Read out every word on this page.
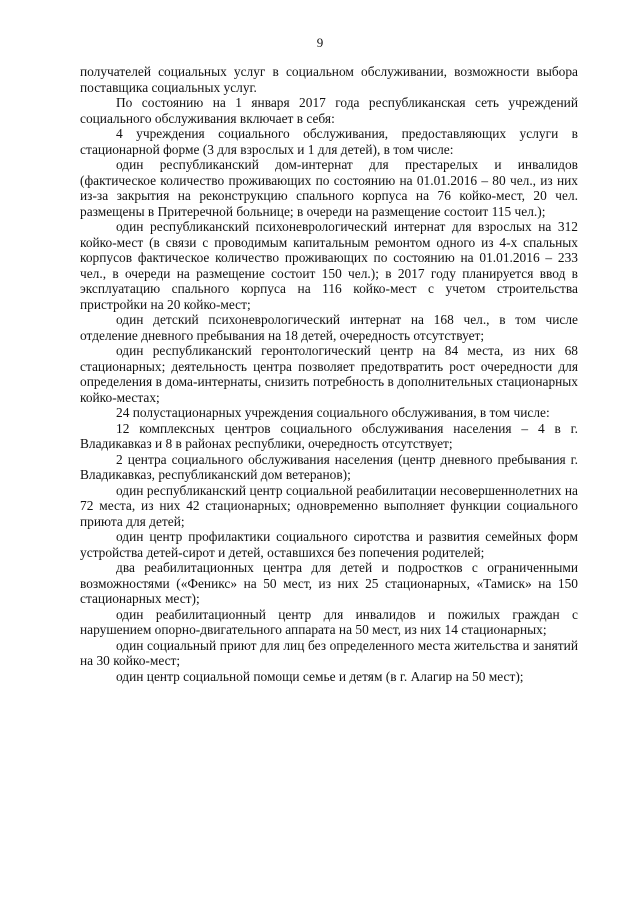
9

получателей социальных услуг в социальном обслуживании, возможности выбора поставщика социальных услуг.

По состоянию на 1 января 2017 года республиканская сеть учреждений социального обслуживания включает в себя:

4 учреждения социального обслуживания, предоставляющих услуги в стационарной форме (3 для взрослых и 1 для детей), в том числе:

один республиканский дом-интернат для престарелых и инвалидов (фактическое количество проживающих по состоянию на 01.01.2016 – 80 чел., из них из-за закрытия на реконструкцию спального корпуса на 76 койко-мест, 20 чел. размещены в Притеречной больнице; в очереди на размещение состоит 115 чел.);

один республиканский психоневрологический интернат для взрослых на 312 койко-мест (в связи с проводимым капитальным ремонтом одного из 4-х спальных корпусов фактическое количество проживающих по состоянию на 01.01.2016 – 233 чел., в очереди на размещение состоит 150 чел.); в 2017 году планируется ввод в эксплуатацию спального корпуса на 116 койко-мест с учетом строительства пристройки на 20 койко-мест;

один детский психоневрологический интернат на 168 чел., в том числе отделение дневного пребывания на 18 детей, очередность отсутствует;

один республиканский геронтологический центр на 84 места, из них 68 стационарных; деятельность центра позволяет предотвратить рост очередности для определения в дома-интернаты, снизить потребность в дополнительных стационарных койко-местах;

24 полустационарных учреждения социального обслуживания, в том числе:

12 комплексных центров социального обслуживания населения – 4 в г. Владикавказ и 8 в районах республики, очередность отсутствует;

2 центра социального обслуживания населения (центр дневного пребывания г. Владикавказ, республиканский дом ветеранов);

один республиканский центр социальной реабилитации несовершеннолетних на 72 места, из них 42 стационарных; одновременно выполняет функции социального приюта для детей;

один центр профилактики социального сиротства и развития семейных форм устройства детей-сирот и детей, оставшихся без попечения родителей;

два реабилитационных центра для детей и подростков с ограниченными возможностями («Феникс» на 50 мест, из них 25 стационарных, «Тамиск» на 150 стационарных мест);

один реабилитационный центр для инвалидов и пожилых граждан с нарушением опорно-двигательного аппарата на 50 мест, из них 14 стационарных;

один социальный приют для лиц без определенного места жительства и занятий на 30 койко-мест;

один центр социальной помощи семье и детям (в г. Алагир на 50 мест);
